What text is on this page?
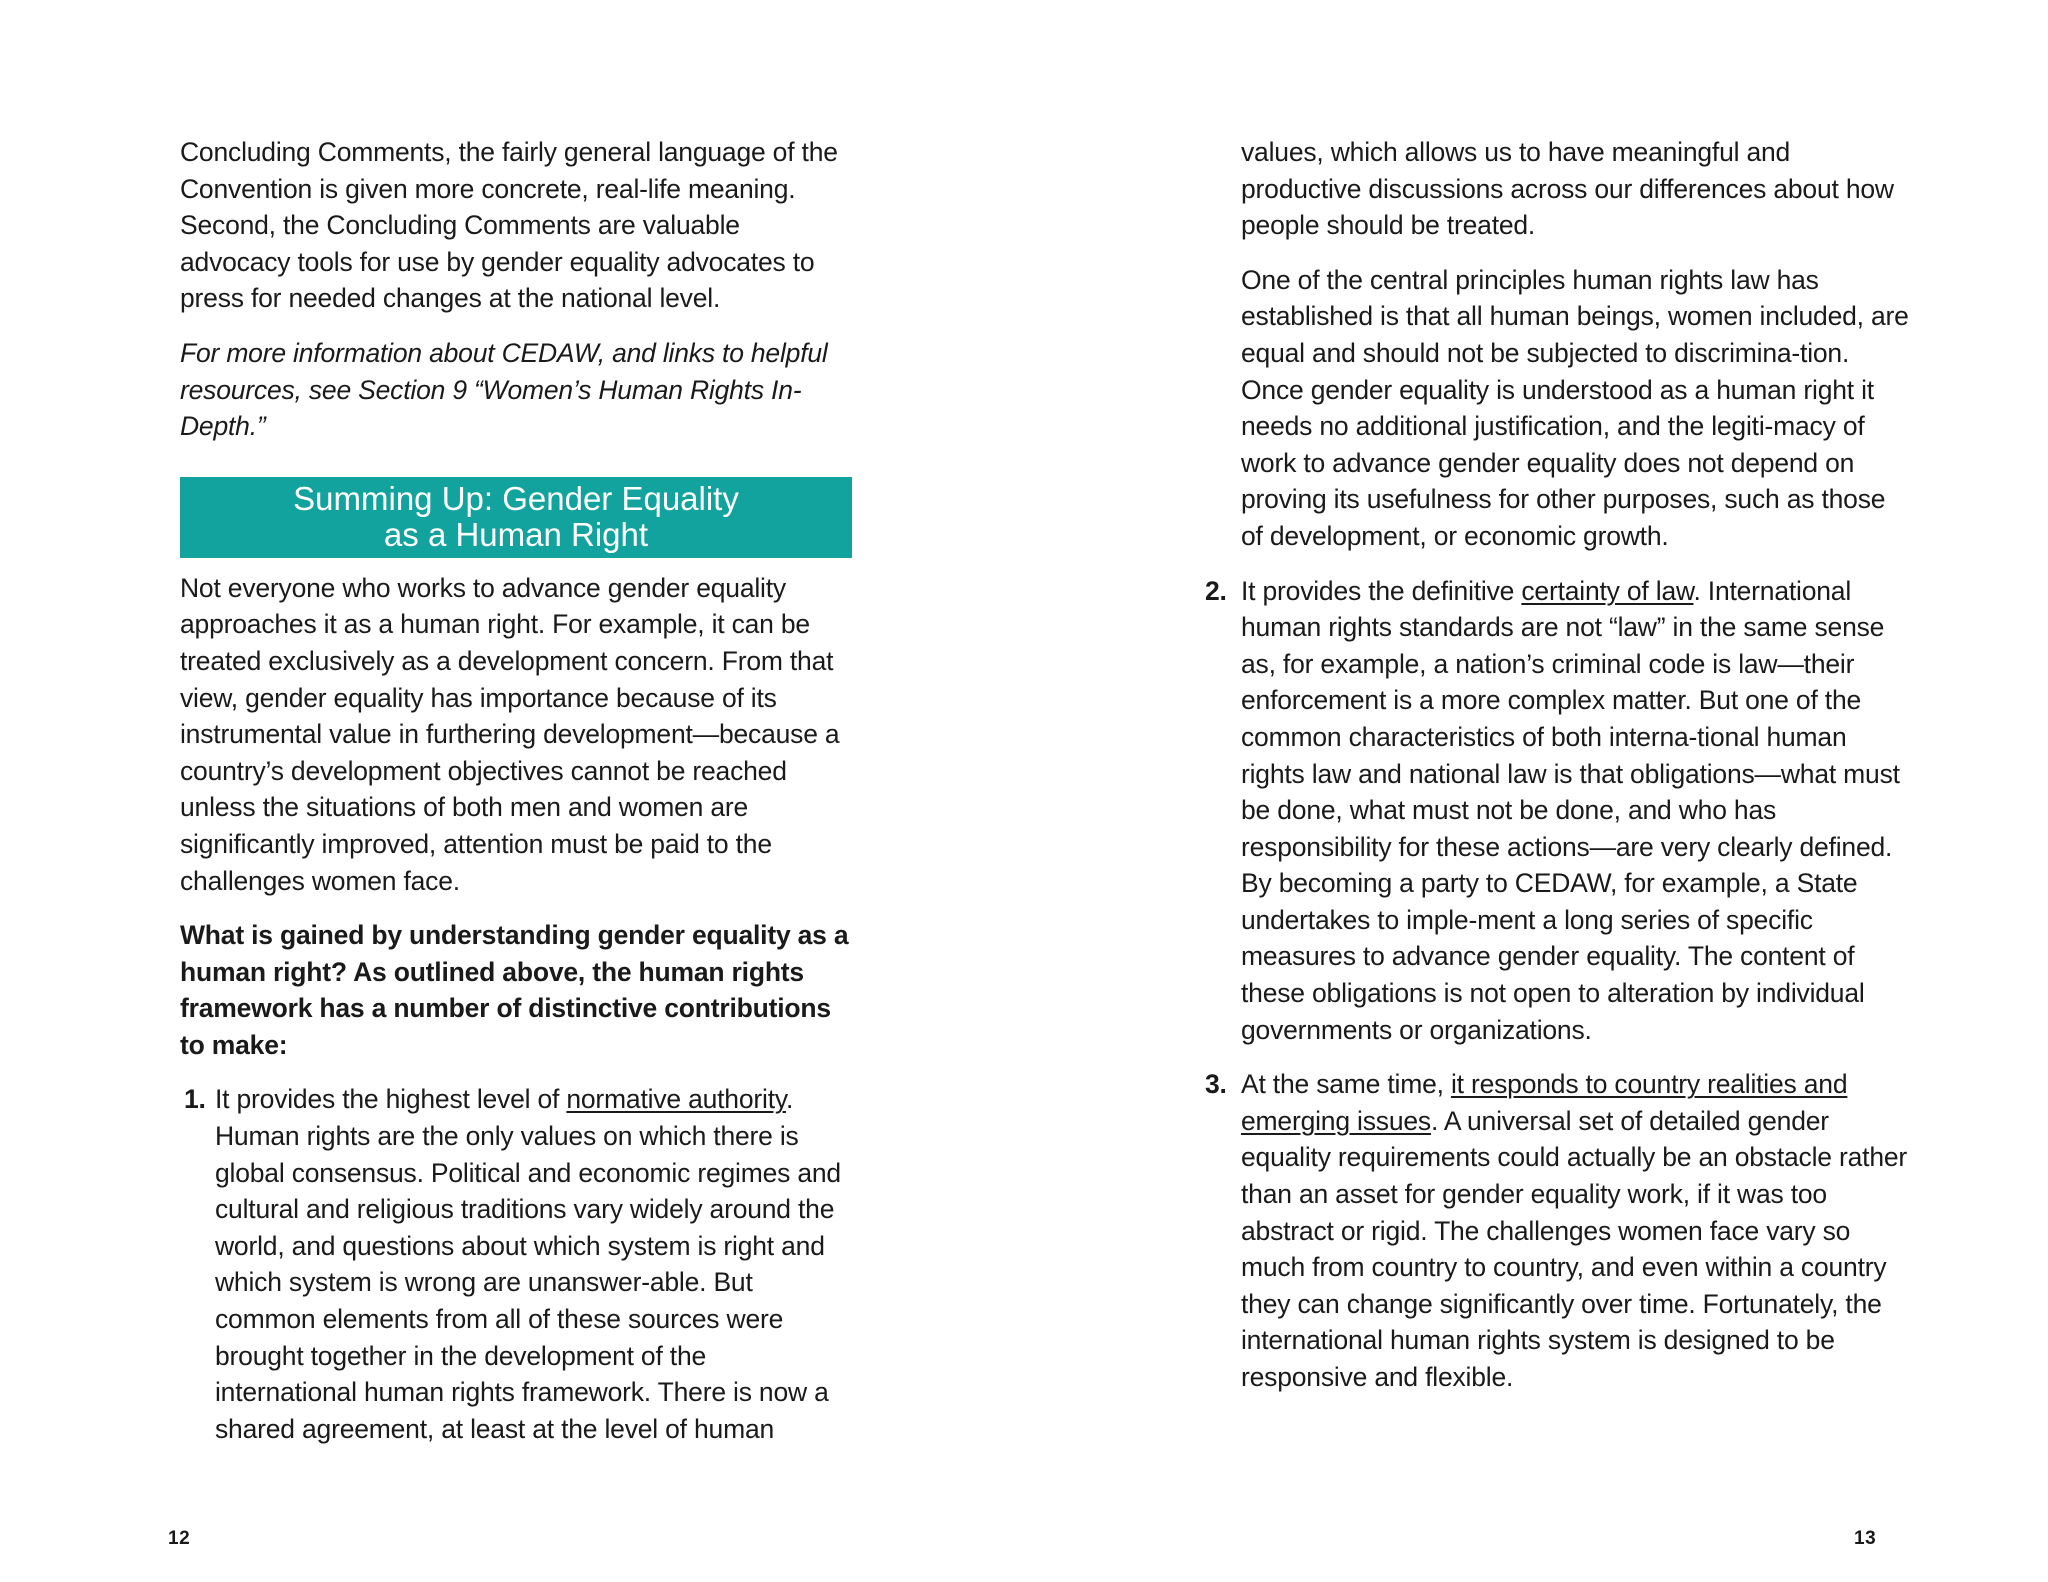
Concluding Comments, the fairly general language of the Convention is given more concrete, real-life meaning. Second, the Concluding Comments are valuable advocacy tools for use by gender equality advocates to press for needed changes at the national level.

For more information about CEDAW, and links to helpful resources, see Section 9 “Women’s Human Rights In-Depth.”

Summing Up: Gender Equality
as a Human Right

Not everyone who works to advance gender equality approaches it as a human right. For example, it can be treated exclusively as a development concern. From that view, gender equality has importance because of its instrumental value in furthering development—because a country’s development objectives cannot be reached unless the situations of both men and women are significantly improved, attention must be paid to the challenges women face.

What is gained by understanding gender equality as a human right? As outlined above, the human rights framework has a number of distinctive contributions to make:

1. It provides the highest level of normative authority. Human rights are the only values on which there is global consensus. Political and economic regimes and cultural and religious traditions vary widely around the world, and questions about which system is right and which system is wrong are unanswer-able. But common elements from all of these sources were brought together in the development of the international human rights framework. There is now a shared agreement, at least at the level of human
12

values, which allows us to have meaningful and productive discussions across our differences about how people should be treated.

One of the central principles human rights law has established is that all human beings, women included, are equal and should not be subjected to discrimina-tion. Once gender equality is understood as a human right it needs no additional justification, and the legiti-macy of work to advance gender equality does not depend on proving its usefulness for other purposes, such as those of development, or economic growth.

2. It provides the definitive certainty of law. International human rights standards are not “law” in the same sense as, for example, a nation’s criminal code is law—their enforcement is a more complex matter. But one of the common characteristics of both interna-tional human rights law and national law is that obligations—what must be done, what must not be done, and who has responsibility for these actions—are very clearly defined. By becoming a party to CEDAW, for example, a State undertakes to imple-ment a long series of specific measures to advance gender equality. The content of these obligations is not open to alteration by individual governments or organizations.
3. At the same time, it responds to country realities and emerging issues. A universal set of detailed gender equality requirements could actually be an obstacle rather than an asset for gender equality work, if it was too abstract or rigid. The challenges women face vary so much from country to country, and even within a country they can change significantly over time. Fortunately, the international human rights system is designed to be responsive and flexible.
13
